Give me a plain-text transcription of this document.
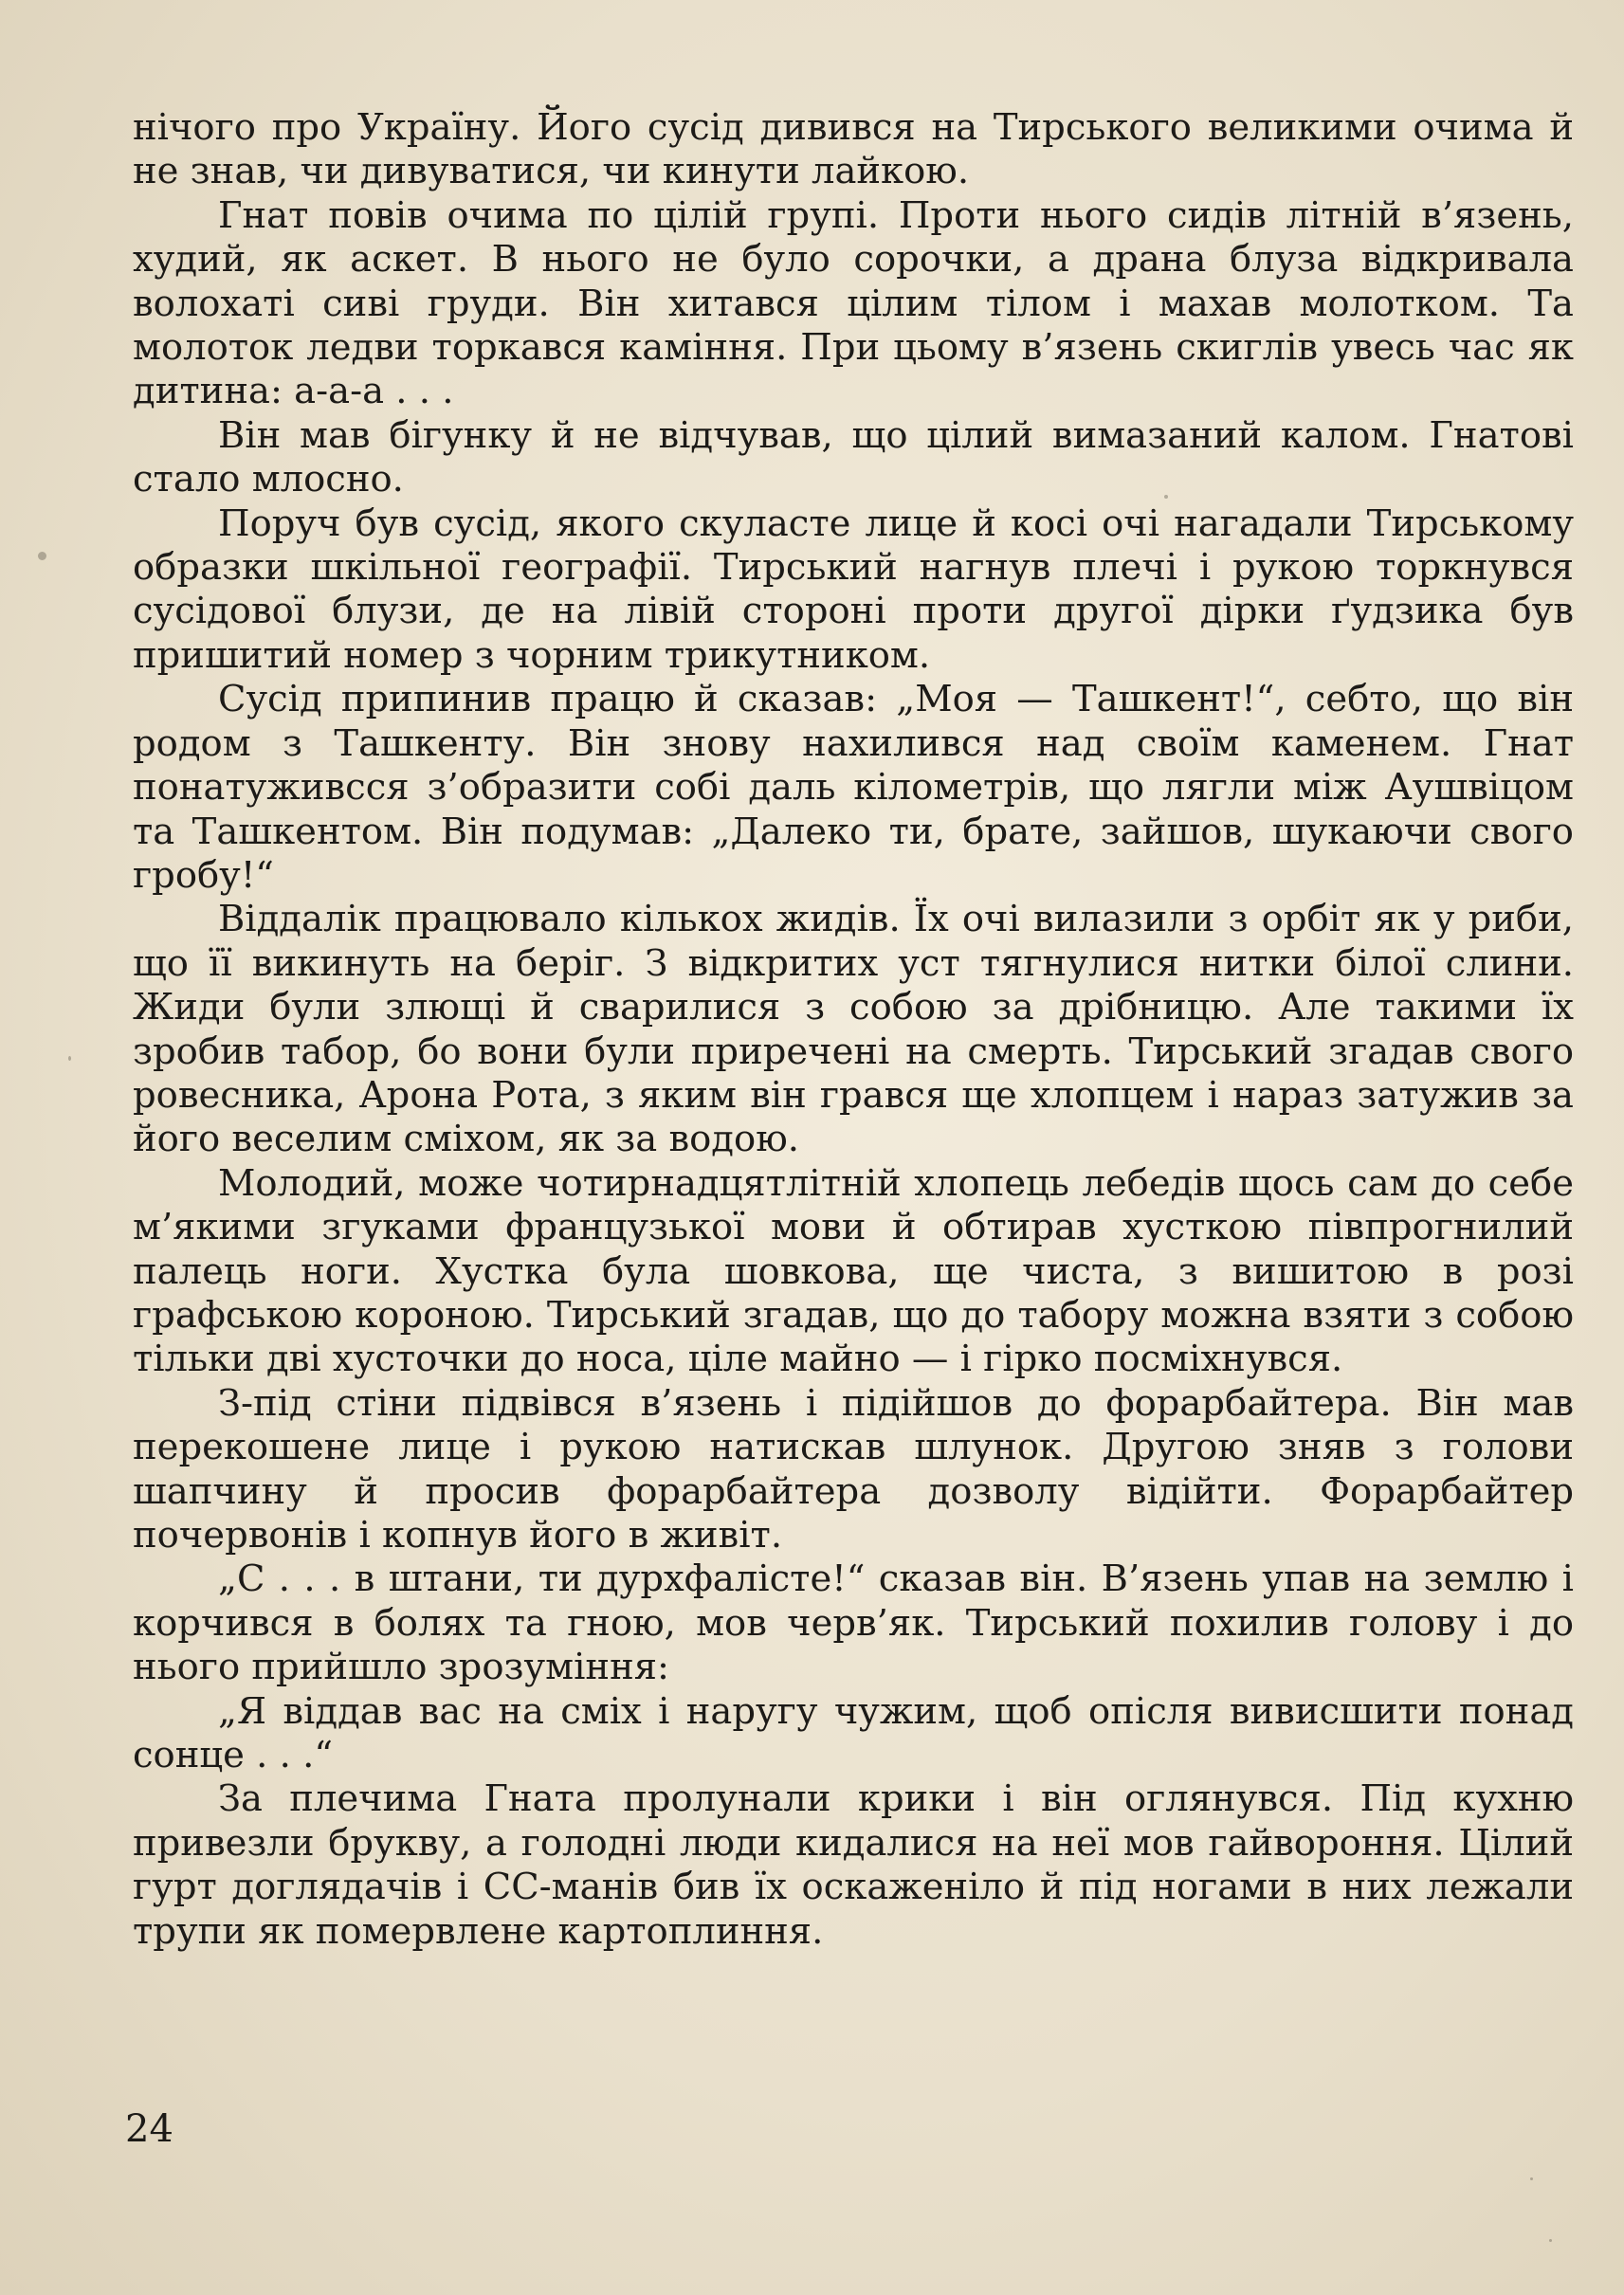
нічого про Україну. Його сусід дивився на Тирського великими очима й не знав, чи дивуватися, чи кинути лайкою.

Гнат повів очима по цілій групі. Проти нього сидів літній в’язень, худий, як аскет. В нього не було сорочки, а драна блуза відкривала волохаті сиві груди. Він хитався цілим тілом і махав молотком. Та молоток ледви торкався каміння. При цьому в’язень скиглів увесь час як дитина: а-а-а . . .

Він мав бігунку й не відчував, що цілий вимазаний калом. Гнатові стало млосно.

Поруч був сусід, якого скуласте лице й косі очі нагадали Тирському образки шкільної географії. Тирський нагнув плечі і рукою торкнувся сусідової блузи, де на лівій стороні проти другої дірки ґудзика був пришитий номер з чорним трикутником.

Сусід припинив працю й сказав: „Моя — Ташкент!“, себто, що він родом з Ташкенту. Він знову нахилився над своїм каменем. Гнат понатуживсся з’образити собі даль кілометрів, що лягли між Аушвіцом та Ташкентом. Він подумав: „Далеко ти, брате, зайшов, шукаючи свого гробу!“

Віддалік працювало кількох жидів. Їх очі вилазили з орбіт як у риби, що її викинуть на беріг. З відкритих уст тягнулися нитки білої слини. Жиди були злющі й сварилися з собою за дрібницю. Але такими їх зробив табор, бо вони були приречені на смерть. Тирський згадав свого ровесника, Арона Рота, з яким він грався ще хлопцем і нараз затужив за його веселим сміхом, як за водою.

Молодий, може чотирнадцятлітній хлопець лебедів щось сам до себе м’якими згуками французької мови й обтирав хусткою півпрогнилий палець ноги. Хустка була шовкова, ще чиста, з вишитою в розі графською короною. Тирський згадав, що до табору можна взяти з собою тільки дві хусточки до носа, ціле майно — і гірко посміхнувся.

З-під стіни підвівся в’язень і підійшов до форарбайтера. Він мав перекошене лице і рукою натискав шлунок. Другою зняв з голови шапчину й просив форарбайтера дозволу відійти. Форарбайтер почервонів і копнув його в живіт.

„С . . . в штани, ти дурхфалісте!“ сказав він. В’язень упав на землю і корчився в болях та гною, мов черв’як. Тирський похилив голову і до нього прийшло зрозуміння:

„Я віддав вас на сміх і наругу чужим, щоб опісля вивисшити понад сонце . . .“

За плечима Гната пролунали крики і він оглянувся. Під кухню привезли брукву, а голодні люди кидалися на неї мов гайвороння. Цілий гурт доглядачів і СС-манів бив їх оскаженіло й під ногами в них лежали трупи як помервлене картоплиння.

24
